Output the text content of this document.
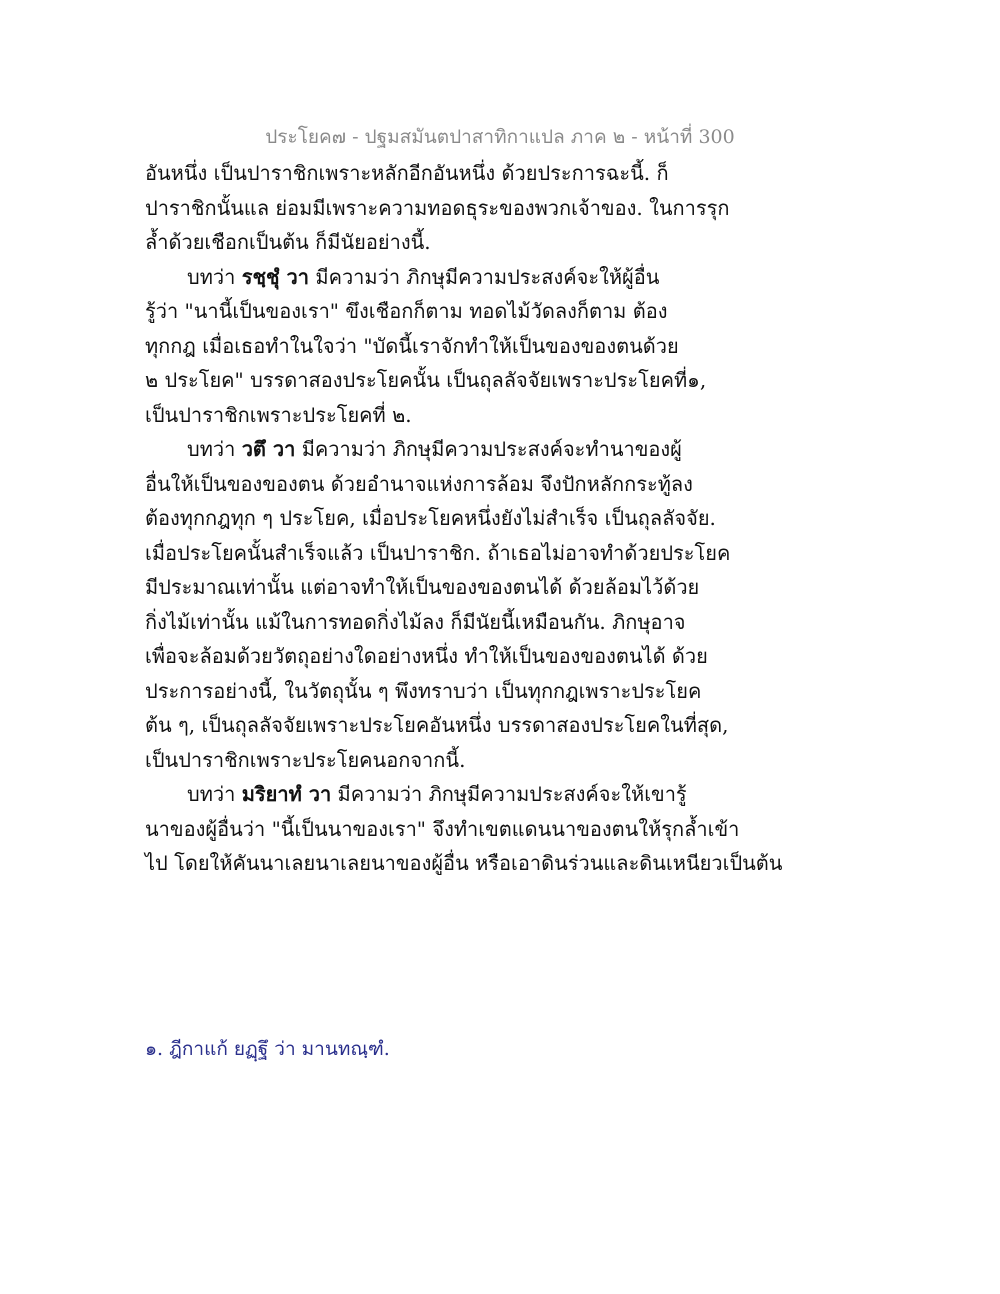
ประโยค๗ - ปฐมสมันตปาสาทิกาแปล ภาค ๒ - หน้าที่ 300
อันหนึ่ง เป็นปาราชิกเพราะหลักอีกอันหนึ่ง ด้วยประการฉะนี้. ก็
ปาราชิกนั้นแล ย่อมมีเพราะความทอดธุระของพวกเจ้าของ. ในการรุก
ล้ำด้วยเชือกเป็นต้น ก็มีนัยอย่างนี้.
บทว่า รชฺชุํ วา มีความว่า ภิกษุมีความประสงค์จะให้ผู้อื่น
รู้ว่า "นานี้เป็นของเรา" ขึงเชือกก็ตาม ทอดไม้วัดลงก็ตาม ต้อง
ทุกกฎ เมื่อเธอทำในใจว่า "บัดนี้เราจักทำให้เป็นของของตนด้วย
๒ ประโยค" บรรดาสองประโยคนั้น เป็นถุลลัจจัยเพราะประโยคที่๑,
เป็นปาราชิกเพราะประโยคที่ ๒.
บทว่า วตึ วา มีความว่า ภิกษุมีความประสงค์จะทำนาของผู้
อื่นให้เป็นของของตน ด้วยอำนาจแห่งการล้อม จึงปักหลักกระทู้ลง
ต้องทุกกฎทุก ๆ ประโยค, เมื่อประโยคหนึ่งยังไม่สำเร็จ เป็นถุลลัจจัย.
เมื่อประโยคนั้นสำเร็จแล้ว เป็นปาราชิก. ถ้าเธอไม่อาจทำด้วยประโยค
มีประมาณเท่านั้น แต่อาจทำให้เป็นของของตนได้ ด้วยล้อมไว้ด้วย
กิ่งไม้เท่านั้น แม้ในการทอดกิ่งไม้ลง ก็มีนัยนี้เหมือนกัน. ภิกษุอาจ
เพื่อจะล้อมด้วยวัตถุอย่างใดอย่างหนึ่ง ทำให้เป็นของของตนได้ ด้วย
ประการอย่างนี้, ในวัตถุนั้น ๆ พึงทราบว่า เป็นทุกกฎเพราะประโยค
ต้น ๆ, เป็นถุลลัจจัยเพราะประโยคอันหนึ่ง บรรดาสองประโยคในที่สุด,
เป็นปาราชิกเพราะประโยคนอกจากนี้.
บทว่า มริยาทํ วา มีความว่า ภิกษุมีความประสงค์จะให้เขารู้
นาของผู้อื่นว่า "นี้เป็นนาของเรา" จึงทำเขตแดนนาของตนให้รุกล้ำเข้า
ไป โดยให้คันนาเลยนาเลยนาของผู้อื่น หรือเอาดินร่วนและดินเหนียวเป็นต้น
๑. ฎีกาแก้ ยฏฺฐึ ว่า มานทณฺฑํ.
